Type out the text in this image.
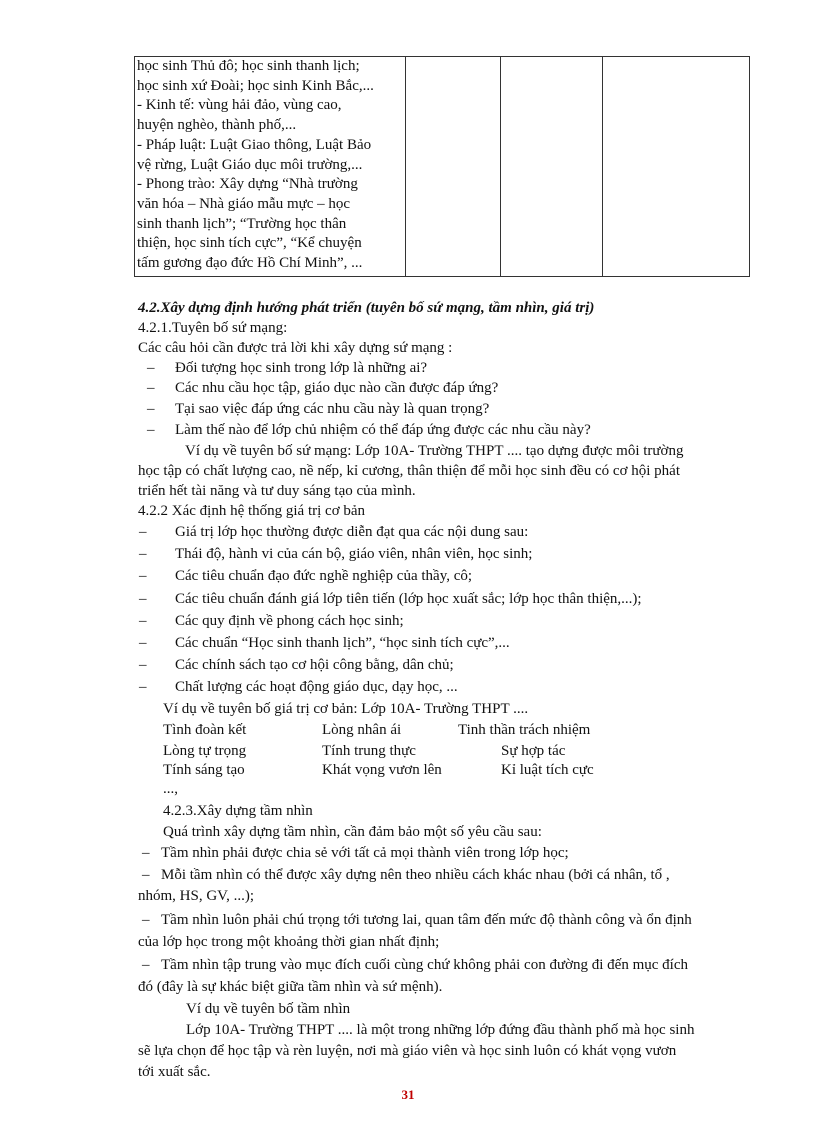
học sinh Thủ đô; học sinh thanh lịch;
học sinh xứ Đoài; học sinh Kinh Bắc,...
- Kinh tế: vùng hải đảo, vùng cao,
huyện nghèo, thành phố,...
- Pháp luật: Luật Giao thông, Luật Bảo
vệ rừng, Luật Giáo dục môi trường,...
- Phong trào: Xây dựng “Nhà trường
văn hóa – Nhà giáo mẫu mực – học
sinh thanh lịch”; “Trường học thân
thiện, học sinh tích cực”, “Kể chuyện
tấm gương đạo đức Hồ Chí Minh”, ...

4.2.Xây dựng định hướng phát triển (tuyên bố sứ mạng, tầm nhìn, giá trị)
4.2.1.Tuyên bố sứ mạng:
Các câu hỏi cần được trả lời khi xây dựng sứ mạng :
– Đối tượng học sinh trong lớp là những ai?
– Các nhu cầu học tập, giáo dục nào cần được đáp ứng?
– Tại sao việc đáp ứng các nhu cầu này là quan trọng?
– Làm thế nào để lớp chủ nhiệm có thể đáp ứng được các nhu cầu này?
Ví dụ về tuyên bố sứ mạng: Lớp 10A- Trường THPT .... tạo dựng được môi trường
học tập có chất lượng cao, nề nếp, kỉ cương, thân thiện để mỗi học sinh đều có cơ hội phát
triển hết tài năng và tư duy sáng tạo của mình.
4.2.2 Xác định hệ thống giá trị cơ bản
– Giá trị lớp học thường được diễn đạt qua các nội dung sau:
– Thái độ, hành vi của cán bộ, giáo viên, nhân viên, học sinh;
– Các tiêu chuẩn đạo đức nghề nghiệp của thầy, cô;
– Các tiêu chuẩn đánh giá lớp tiên tiến (lớp học xuất sắc; lớp học thân thiện,...);
– Các quy định về phong cách học sinh;
– Các chuẩn “Học sinh thanh lịch”, “học sinh tích cực”,...
– Các chính sách tạo cơ hội công bằng, dân chủ;
– Chất lượng các hoạt động giáo dục, dạy học, ...
Ví dụ về tuyên bố giá trị cơ bản: Lớp 10A- Trường THPT ....
Tình đoàn kết	Lòng nhân ái	Tinh thần trách nhiệm
Lòng tự trọng	Tính trung thực	Sự hợp tác
Tính sáng tạo	Khát vọng vươn lên	Kỉ luật tích cực
...,
4.2.3.Xây dựng tầm nhìn
Quá trình xây dựng tầm nhìn, cần đảm bảo một số yêu cầu sau:
– Tầm nhìn phải được chia sẻ với tất cả mọi thành viên trong lớp học;
– Mỗi tầm nhìn có thể được xây dựng nên theo nhiều cách khác nhau (bởi cá nhân, tổ ,
nhóm, HS, GV, ...);
– Tầm nhìn luôn phải chú trọng tới tương lai, quan tâm đến mức độ thành công và ổn định
của lớp học trong một khoảng thời gian nhất định;
– Tầm nhìn tập trung vào mục đích cuối cùng chứ không phải con đường đi đến mục đích
đó (đây là sự khác biệt giữa tầm nhìn và sứ mệnh).
Ví dụ về tuyên bố tầm nhìn
Lớp 10A- Trường THPT .... là một trong những lớp đứng đầu thành phố mà học sinh
sẽ lựa chọn để học tập và rèn luyện, nơi mà giáo viên và học sinh luôn có khát vọng vươn
tới xuất sắc.
31
